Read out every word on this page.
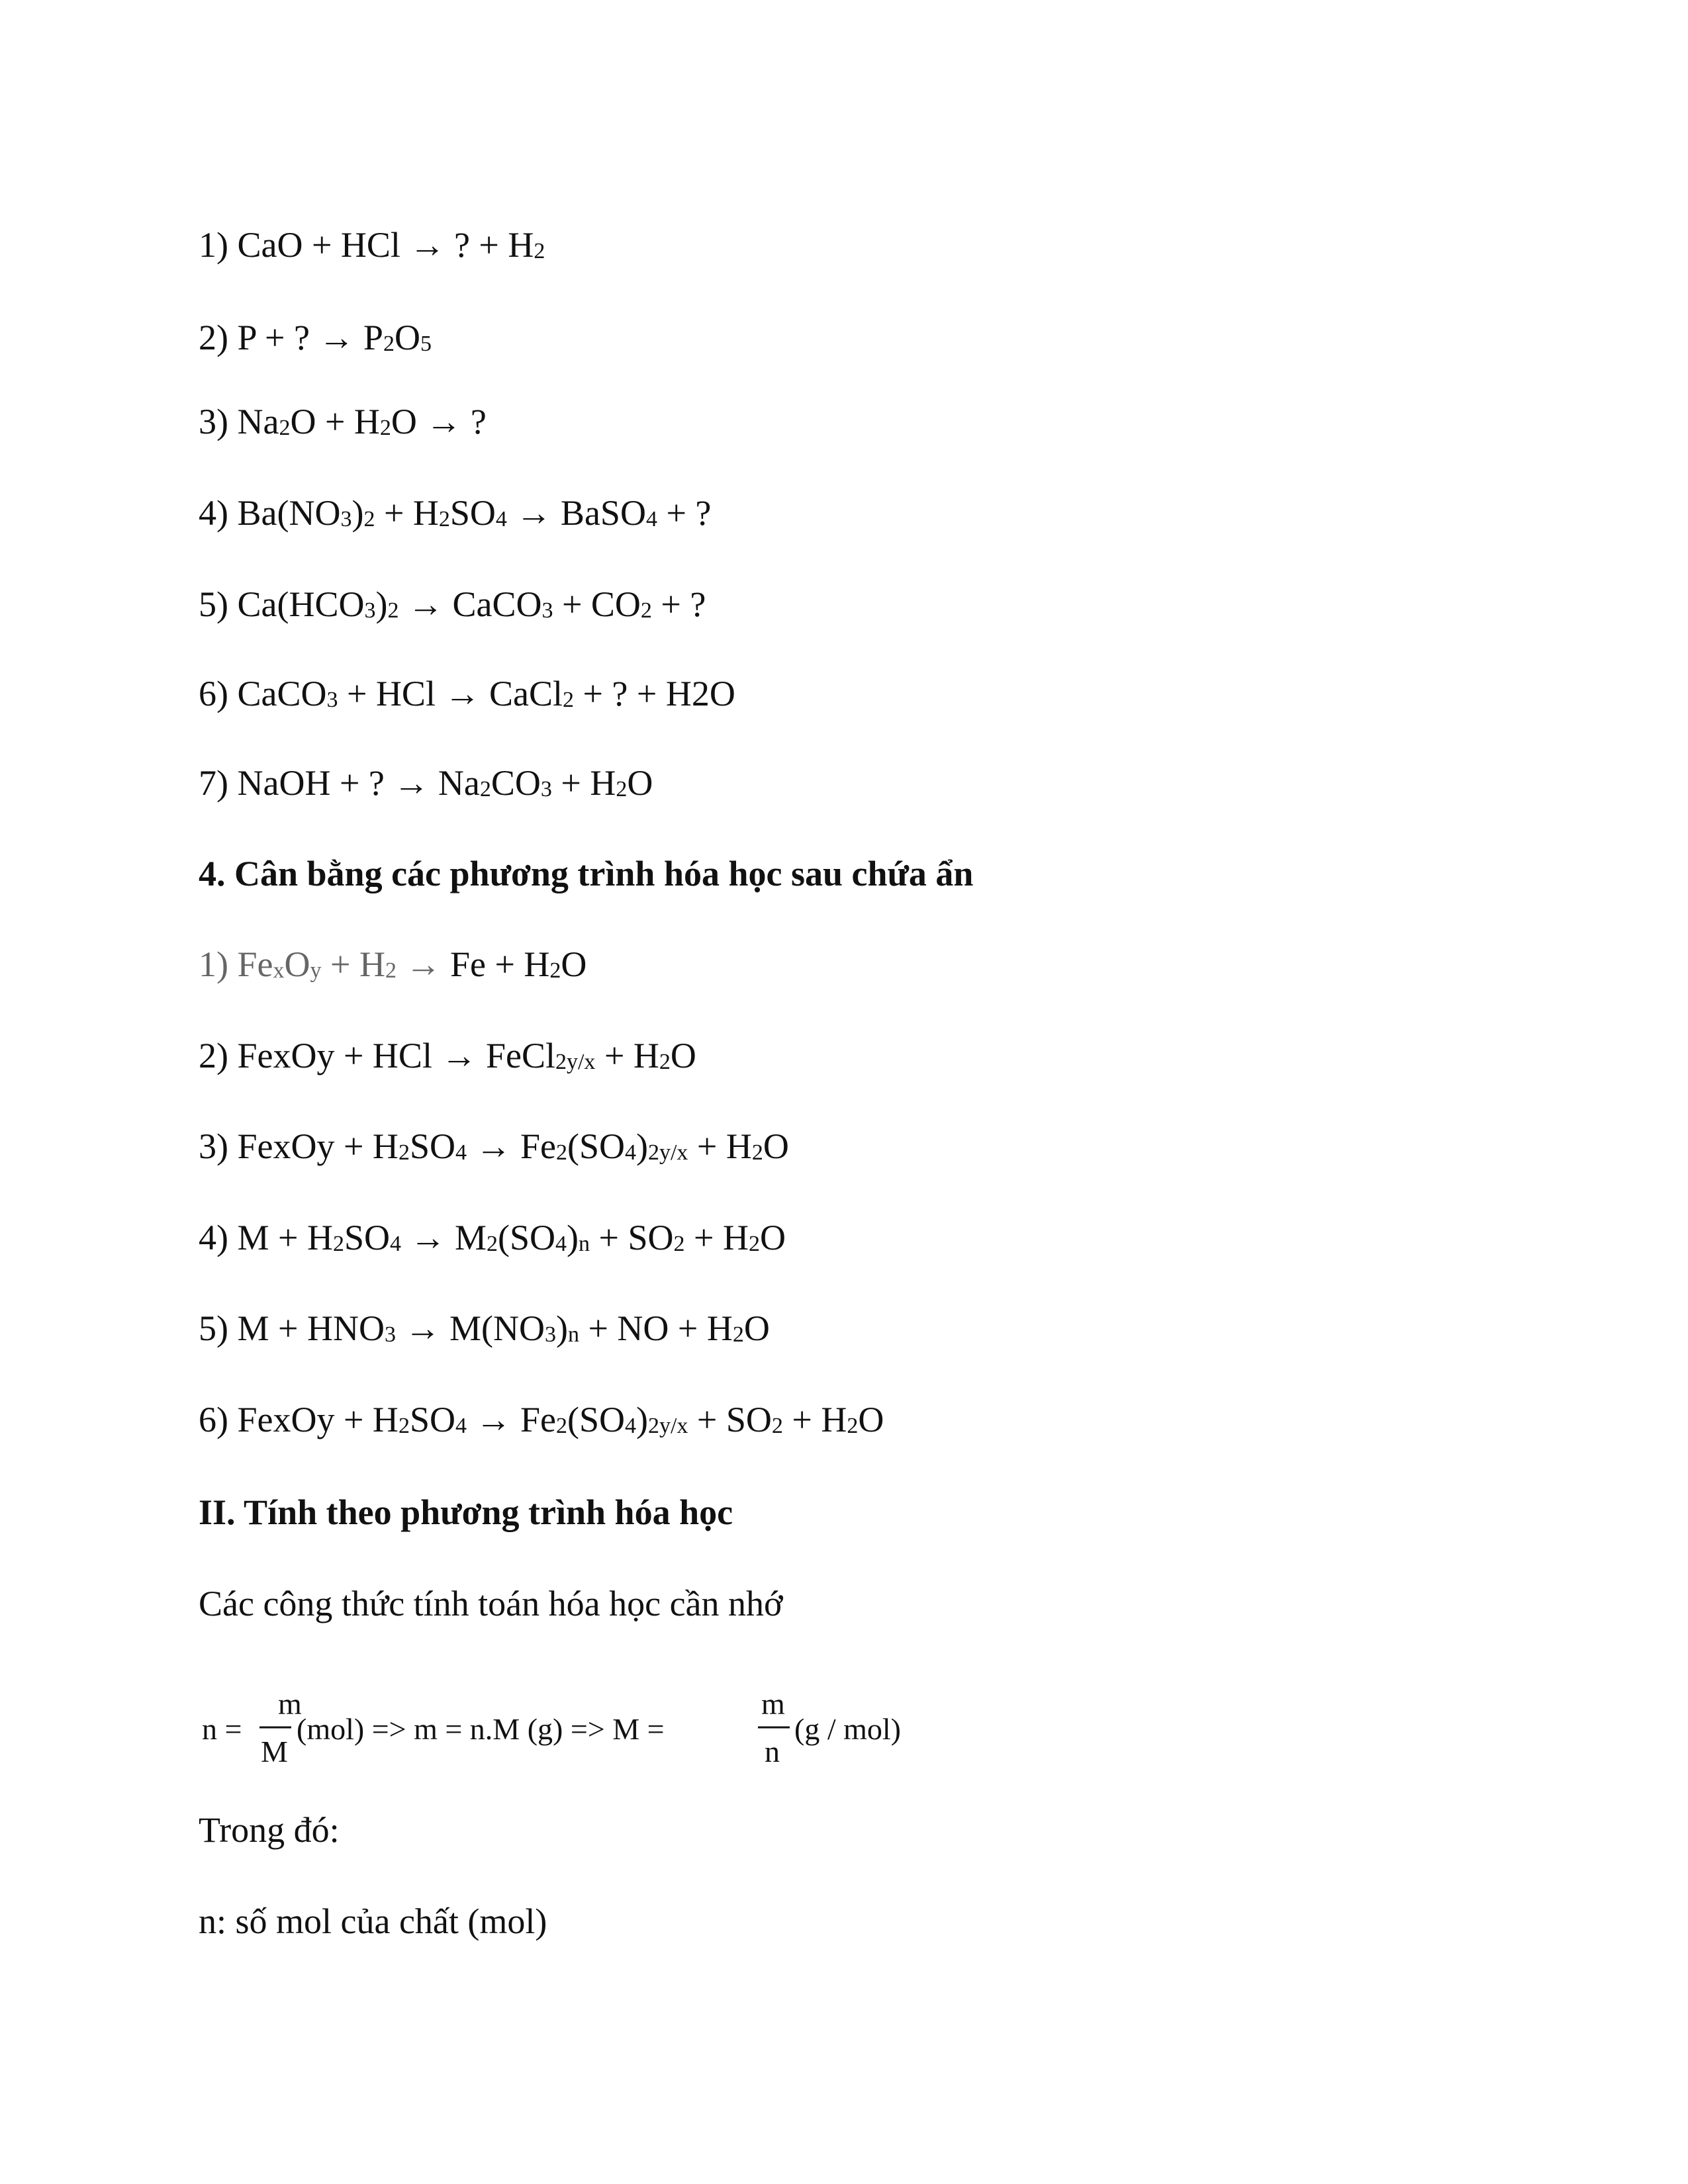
1) CaO + HCl → ? + $H_2$
2) P + ? → $P_2O_5$
3) $Na_2O + H_2O$ → ?
4) $Ba(NO_3)_2 + H_2SO_4$ → BaSO$_4$ + ?
5) $Ca(HCO_3)_2$ → CaCO$_3$ + $CO_2$ + ?
6) CaCO$_3$ + HCl → CaCl$_2$ + ? + H2O
7) NaOH + ? → $Na_2CO_3 + H_2O$
4. Cân bằng các phương trình hóa học sau chứa ẩn
1) $Fe_xO_y + H_2 \to Fe + H_2O$
2) FexOy + HCl → FeCl$_{2y/x}$ + $H_2O$
3) FexOy + $H_2SO_4 \to Fe_2(SO_4)_{2y/x} + H_2O$
4) $M + H_2SO_4 \to M_2(SO_4)_n + SO_2 + H_2O$
5) $M + HNO_3 \to M(NO_3)_n$ + NO + $H_2O$
6) FexOy + $H_2SO_4 \to Fe_2(SO_4)_{2y/x} + SO_2 + H_2O$
II. Tính theo phương trình hóa học
Các công thức tính toán hóa học cần nhớ
n =
m
M
(mol) => m = n.M (g) => M =
m
n
(g / mol)
Trong đó:
n: số mol của chất (mol)
